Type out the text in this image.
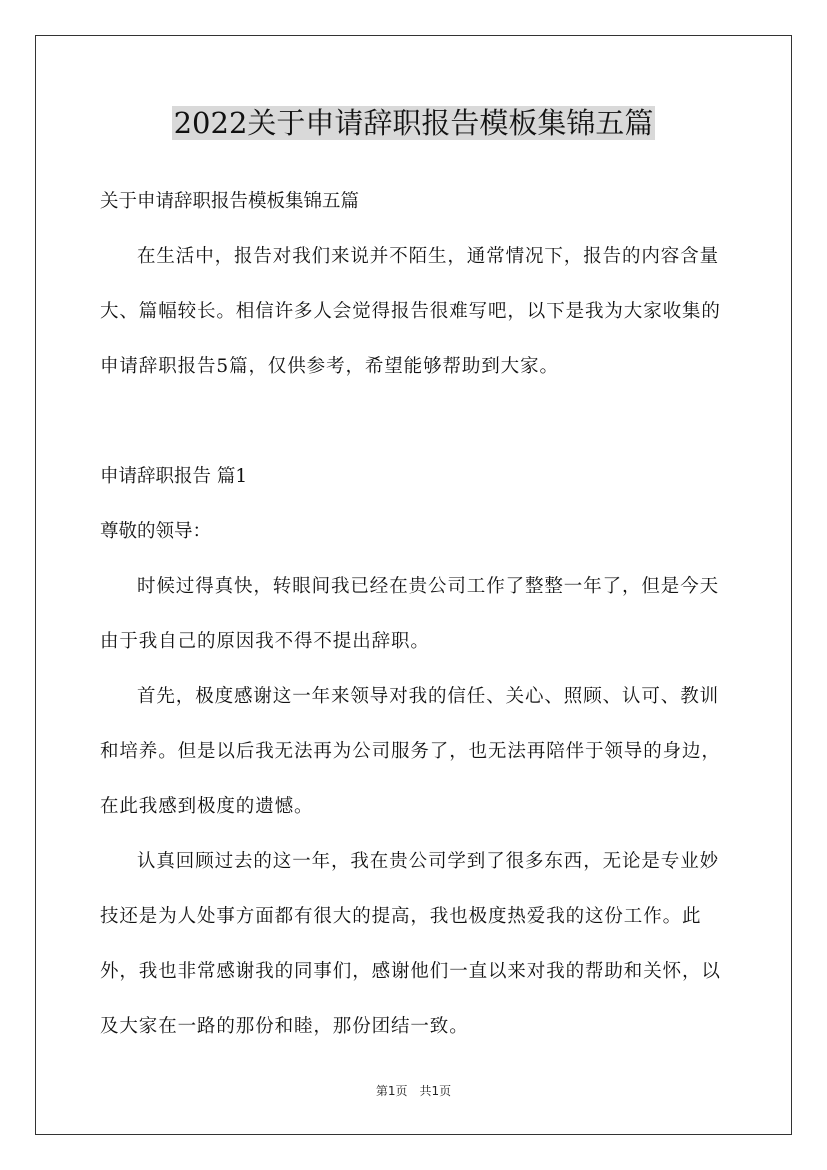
2022关于申请辞职报告模板集锦五篇

关于申请辞职报告模板集锦五篇

在生活中，报告对我们来说并不陌生，通常情况下，报告的内容含量大、篇幅较长。相信许多人会觉得报告很难写吧，以下是我为大家收集的申请辞职报告5篇，仅供参考，希望能够帮助到大家。

申请辞职报告 篇1

尊敬的领导：

时候过得真快，转眼间我已经在贵公司工作了整整一年了，但是今天由于我自己的原因我不得不提出辞职。

首先，极度感谢这一年来领导对我的信任、关心、照顾、认可、教训和培养。但是以后我无法再为公司服务了，也无法再陪伴于领导的身边，在此我感到极度的遗憾。

认真回顾过去的这一年，我在贵公司学到了很多东西，无论是专业妙技还是为人处事方面都有很大的提高，我也极度热爱我的这份工作。此外，我也非常感谢我的同事们，感谢他们一直以来对我的帮助和关怀，以及大家在一路的那份和睦，那份团结一致。

第1页　共1页
